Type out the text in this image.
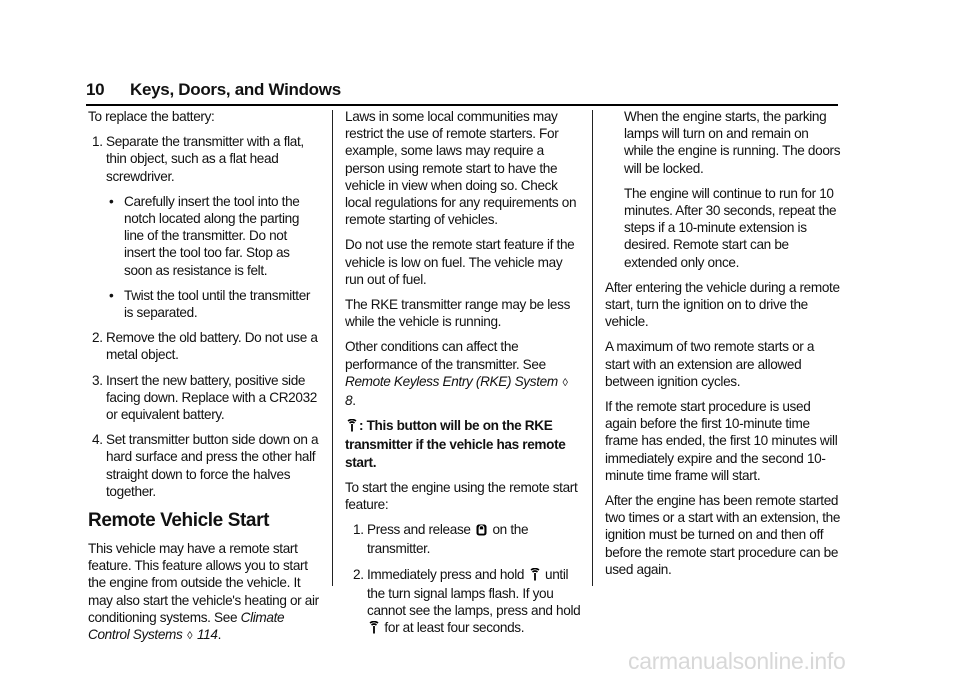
10 Keys, Doors, and Windows

To replace the battery:

1. Separate the transmitter with a flat, thin object, such as a flat head screwdriver.
• Carefully insert the tool into the notch located along the parting line of the transmitter. Do not insert the tool too far. Stop as soon as resistance is felt.
• Twist the tool until the transmitter is separated.
2. Remove the old battery. Do not use a metal object.
3. Insert the new battery, positive side facing down. Replace with a CR2032 or equivalent battery.
4. Set transmitter button side down on a hard surface and press the other half straight down to force the halves together.
Remote Vehicle Start

This vehicle may have a remote start feature. This feature allows you to start the engine from outside the vehicle. It may also start the vehicle's heating or air conditioning systems. See Climate Control Systems ◊ 114.

Laws in some local communities may restrict the use of remote starters. For example, some laws may require a person using remote start to have the vehicle in view when doing so. Check local regulations for any requirements on remote starting of vehicles.

Do not use the remote start feature if the vehicle is low on fuel. The vehicle may run out of fuel.

The RKE transmitter range may be less while the vehicle is running.

Other conditions can affect the performance of the transmitter. See Remote Keyless Entry (RKE) System ◊ 8.

: This button will be on the RKE transmitter if the vehicle has remote start.

To start the engine using the remote start feature:

1. Press and release  on the transmitter.
2. Immediately press and hold  until the turn signal lamps flash. If you cannot see the lamps, press and hold  for at least four seconds.

When the engine starts, the parking lamps will turn on and remain on while the engine is running. The doors will be locked.

The engine will continue to run for 10 minutes. After 30 seconds, repeat the steps if a 10-minute extension is desired. Remote start can be extended only once.

After entering the vehicle during a remote start, turn the ignition on to drive the vehicle.

A maximum of two remote starts or a start with an extension are allowed between ignition cycles.

If the remote start procedure is used again before the first 10-minute time frame has ended, the first 10 minutes will immediately expire and the second 10-minute time frame will start.

After the engine has been remote started two times or a start with an extension, the ignition must be turned on and then off before the remote start procedure can be used again.

carmanualsonline.info
